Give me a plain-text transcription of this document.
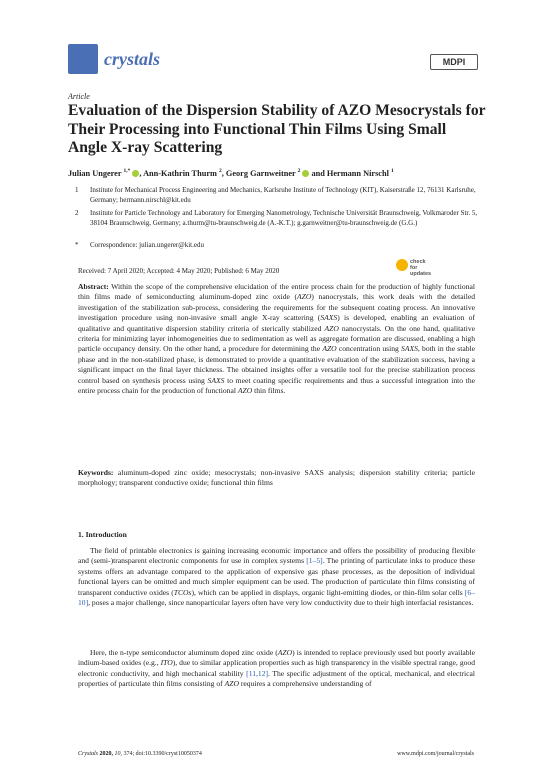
crystals	MDPI
Article
Evaluation of the Dispersion Stability of AZO Mesocrystals for Their Processing into Functional Thin Films Using Small Angle X-ray Scattering
Julian Ungerer $^{1,*}$ , Ann-Kathrin Thurm $^2$, Georg Garnweitner $^2$ and Hermann Nirschl $^1$
1 Institute for Mechanical Process Engineering and Mechanics, Karlsruhe Institute of Technology (KIT), Kaiserstraße 12, 76131 Karlsruhe, Germany; hermann.nirschl@kit.edu
2 Institute for Particle Technology and Laboratory for Emerging Nanometrology, Technische Universität Braunschweig, Volkmaroder Str. 5, 38104 Braunschweig, Germany; a.thurm@tu-braunschweig.de (A.-K.T.); g.garnweitner@tu-braunschweig.de (G.G.)
* Correspondence: julian.ungerer@kit.edu
Received: 7 April 2020; Accepted: 4 May 2020; Published: 6 May 2020
check for
updates
Abstract: Within the scope of the comprehensive elucidation of the entire process chain for the production of highly functional thin films made of semiconducting aluminum-doped zinc oxide (AZO) nanocrystals, this work deals with the detailed investigation of the stabilization sub-process, considering the requirements for the subsequent coating process. An innovative investigation procedure using non-invasive small angle X-ray scattering (SAXS) is developed, enabling an evaluation of qualitative and quantitative dispersion stability criteria of sterically stabilized AZO nanocrystals. On the one hand, qualitative criteria for minimizing layer inhomogeneities due to sedimentation as well as aggregate formation are discussed, enabling a high particle occupancy density. On the other hand, a procedure for determining the AZO concentration using SAXS, both in the stable phase and in the non-stabilized phase, is demonstrated to provide a quantitative evaluation of the stabilization success, having a significant impact on the final layer thickness. The obtained insights offer a versatile tool for the precise stabilization process control based on synthesis process using SAXS to meet coating specific requirements and thus a successful integration into the entire process chain for the production of functional AZO thin films.
Keywords: aluminum-doped zinc oxide; mesocrystals; non-invasive SAXS analysis; dispersion stability criteria; particle morphology; transparent conductive oxide; functional thin films
1. Introduction
The field of printable electronics is gaining increasing economic importance and offers the possibility of producing flexible and (semi-)transparent electronic components for use in complex systems [1–5]. The printing of particulate inks to produce these systems offers an advantage compared to the application of expensive gas phase processes, as the deposition of individual functional layers can be omitted and much simpler equipment can be used. The production of particulate thin films consisting of transparent conductive oxides (TCOs), which can be applied in displays, organic light-emitting diodes, or thin-film solar cells [6–10], poses a major challenge, since nanoparticular layers often have very low conductivity due to their high interfacial resistances.
Here, the n-type semiconductor aluminum doped zinc oxide (AZO) is intended to replace previously used but poorly available indium-based oxides (e.g., ITO), due to similar application properties such as high transparency in the visible spectral range, good electronic conductivity, and high mechanical stability [11,12]. The specific adjustment of the optical, mechanical, and electrical properties of particulate thin films consisting of AZO requires a comprehensive understanding of
Crystals 2020, 10, 374; doi:10.3390/cryst10050374	www.mdpi.com/journal/crystals
